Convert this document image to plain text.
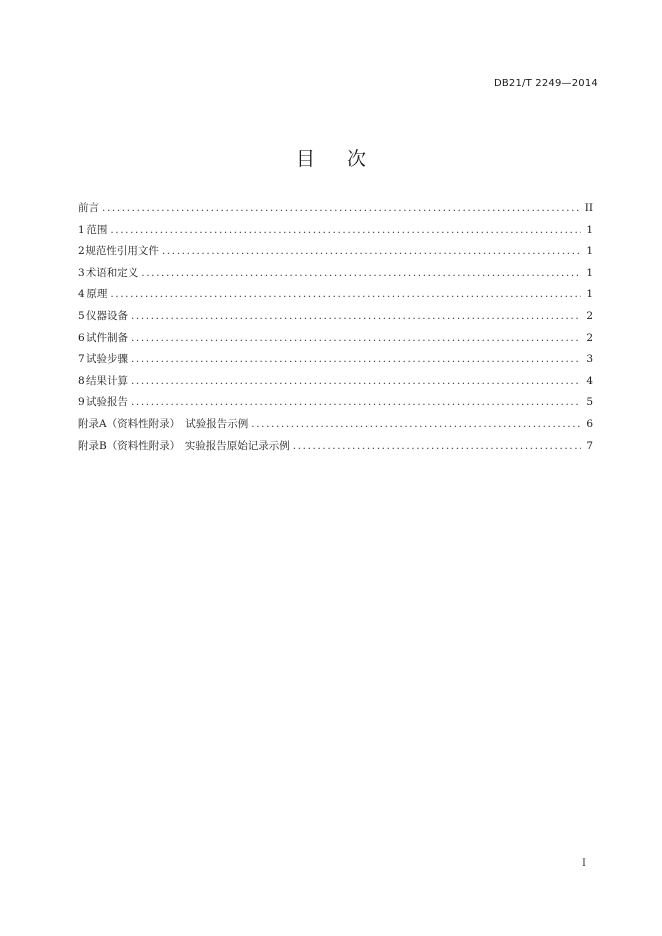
DB21/T 2249—2014
目次
前言 .....	II
1 范围 .....	1
2 规范性引用文件 .....	1
3 术语和定义 .....	1
4 原理 .....	1
5 仪器设备 .....	2
6 试件制备 .....	2
7 试验步骤 .....	3
8 结果计算 .....	4
9 试验报告 .....	5
附录A（资料性附录） 试验报告示例 .....	6
附录B（资料性附录） 实验报告原始记录示例 .....	7
I
